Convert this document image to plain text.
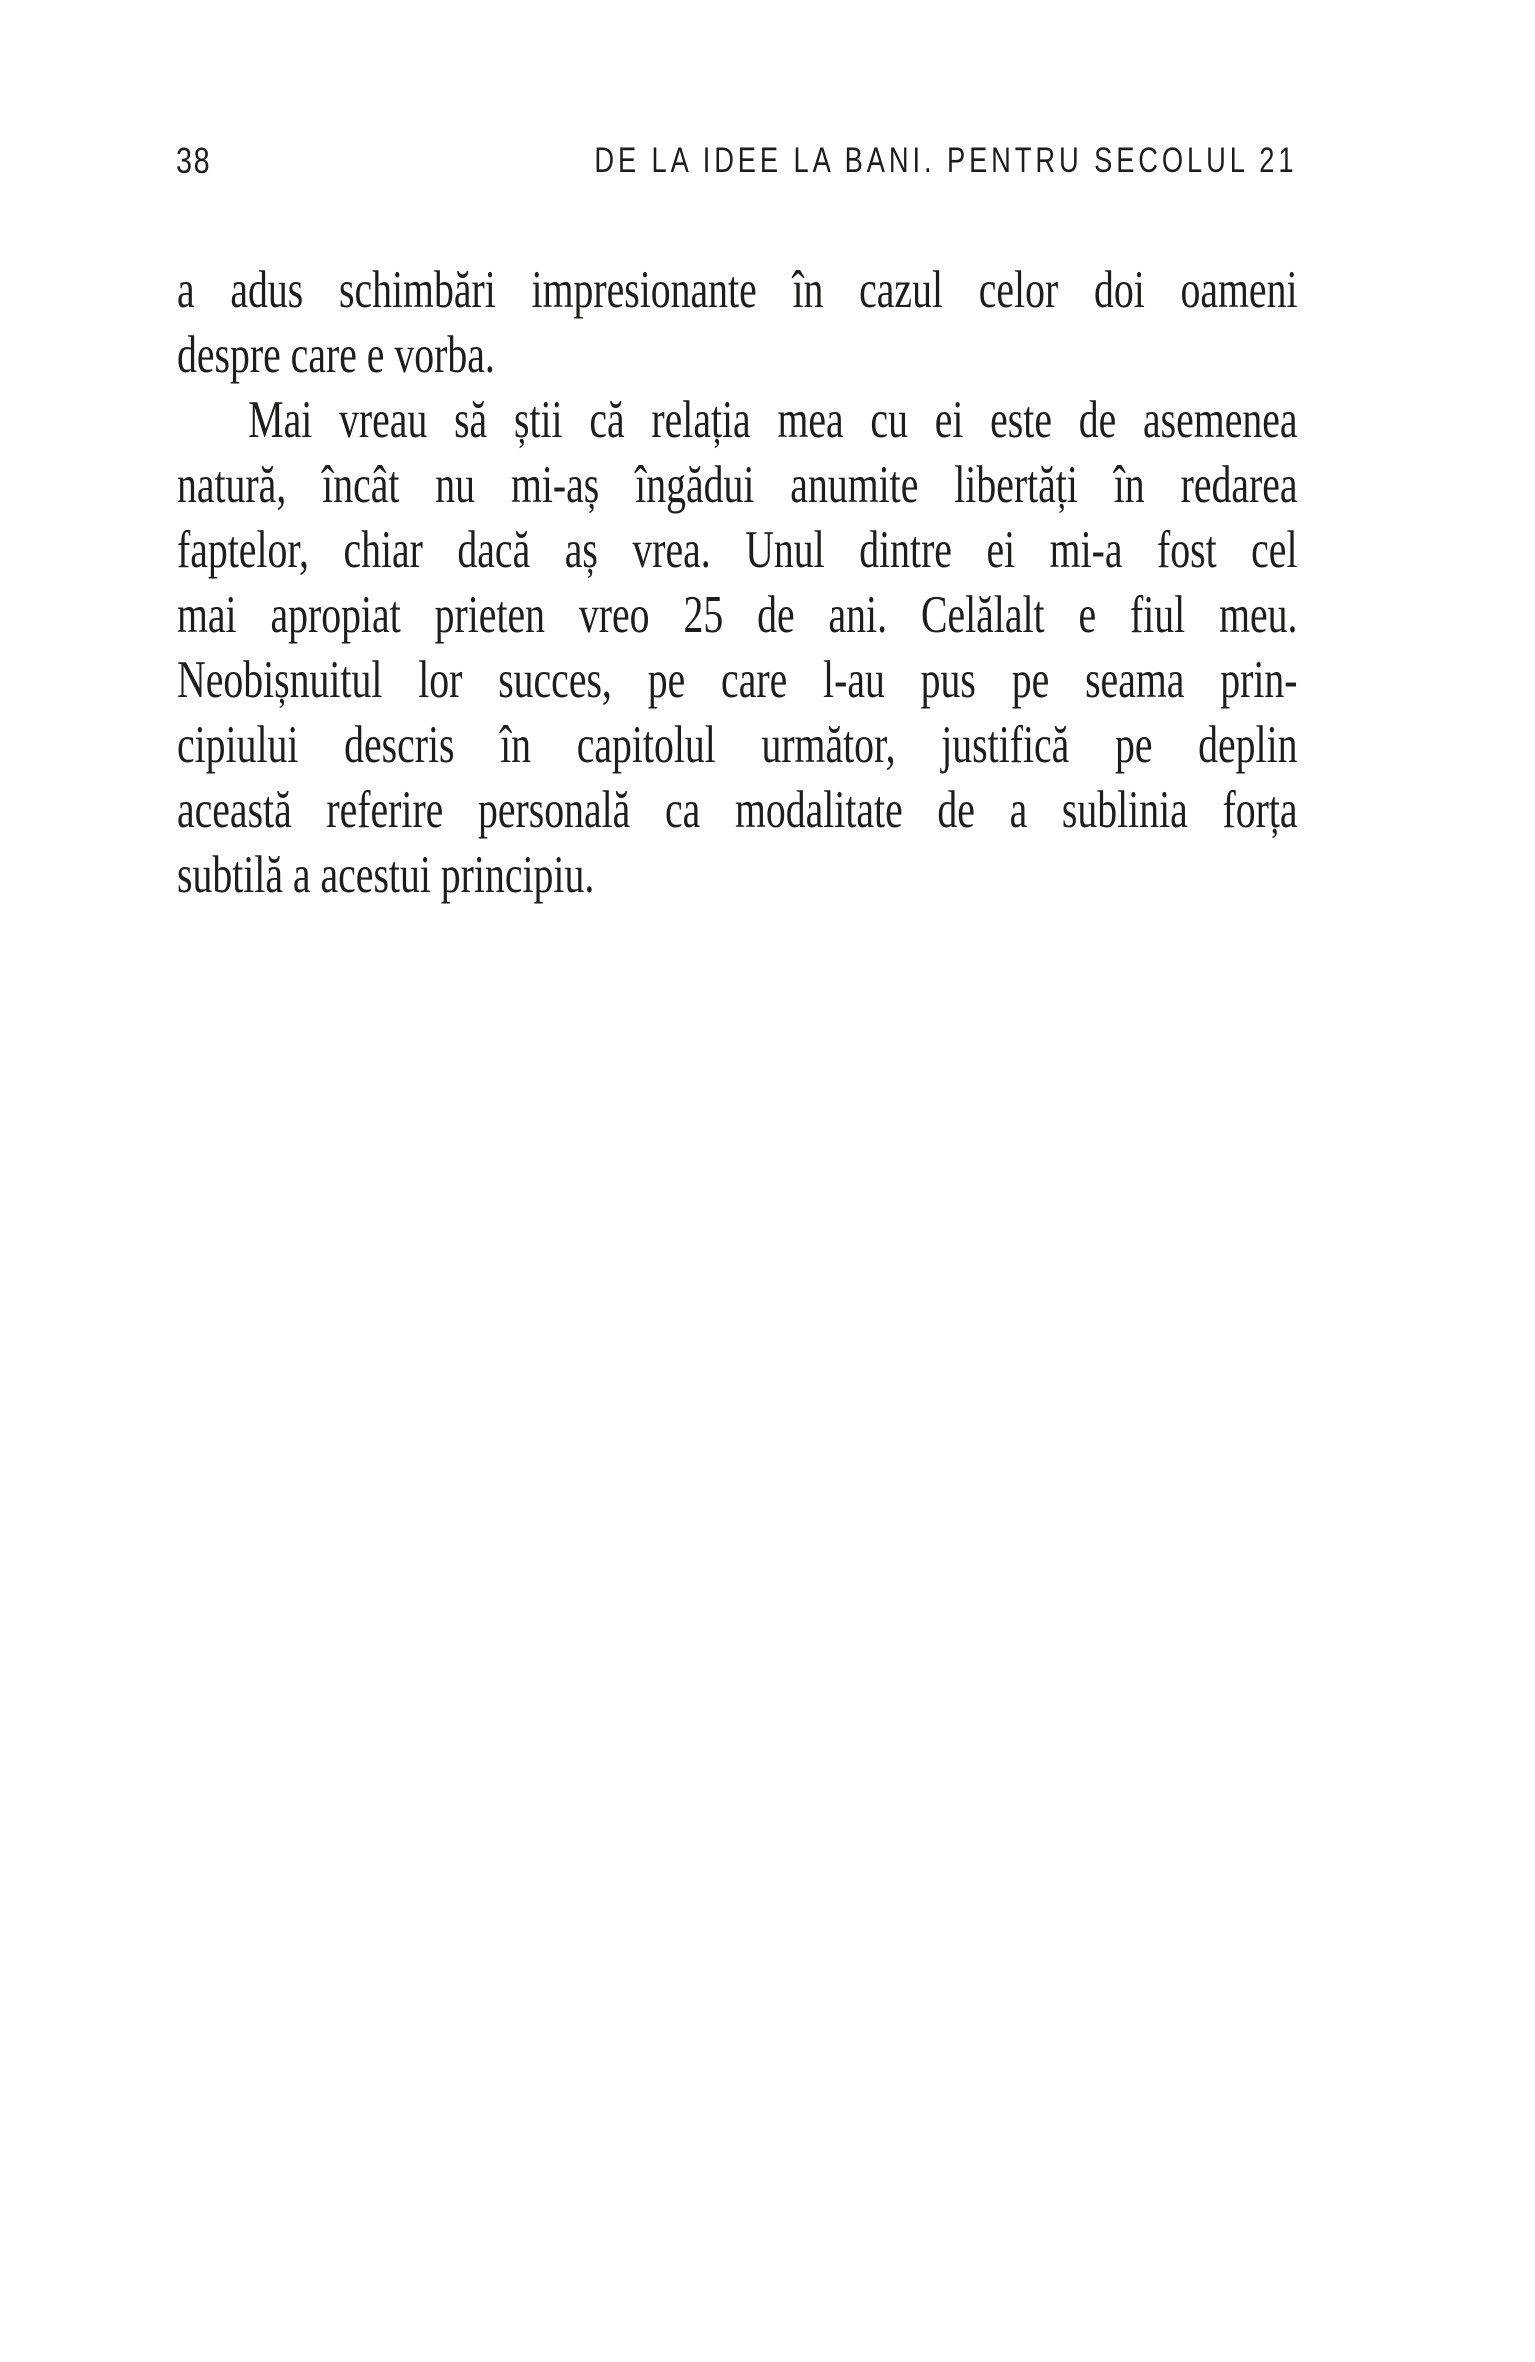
38	DE LA IDEE LA BANI. PENTRU SECOLUL 21
a adus schimbări impresionante în cazul celor doi oameni
despre care e vorba.
Mai vreau să știi că relația mea cu ei este de asemenea
natură, încât nu mi-aș îngădui anumite libertăți în redarea
faptelor, chiar dacă aș vrea. Unul dintre ei mi-a fost cel
mai apropiat prieten vreo 25 de ani. Celălalt e fiul meu.
Neobișnuitul lor succes, pe care l-au pus pe seama prin-
cipiului descris în capitolul următor, justifică pe deplin
această referire personală ca modalitate de a sublinia forța
subtilă a acestui principiu.
